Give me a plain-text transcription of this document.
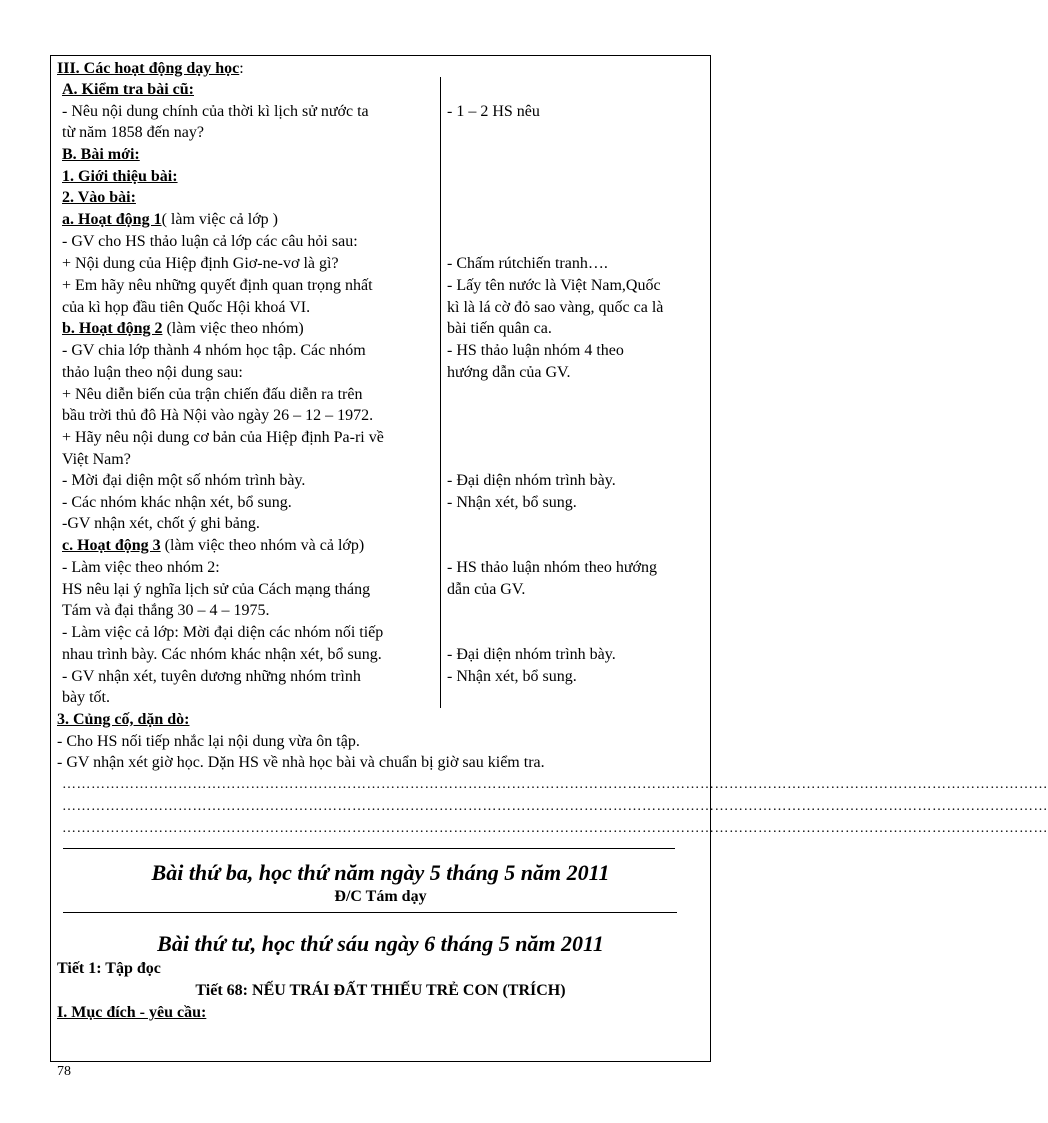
III. Các hoạt động dạy học:
A. Kiểm tra bài cũ:
- Nêu nội dung chính của thời kì lịch sử nước ta
từ năm 1858 đến nay?
- 1 – 2 HS nêu
B. Bài mới:
1. Giới thiệu bài:
2. Vào bài:
a. Hoạt động 1( làm việc cả lớp )
- GV cho HS thảo luận cả lớp các câu hỏi sau:
+ Nội dung của Hiệp định Giơ-ne-vơ là gì?
+ Em hãy nêu những quyết định quan trọng nhất
của kì họp đầu tiên Quốc Hội khoá VI.
- Chấm rútchiến tranh….
- Lấy tên nước là Việt Nam,Quốc
kì là lá cờ đỏ sao vàng, quốc ca là
bài tiến quân ca.
b. Hoạt động 2 (làm việc theo nhóm)
- GV chia lớp thành 4 nhóm học tập. Các nhóm
thảo luận theo nội dung sau:
+ Nêu diễn biến của trận chiến đấu diễn ra trên
bầu trời thủ đô Hà Nội vào ngày 26 – 12 – 1972.
+ Hãy nêu nội dung cơ bản của Hiệp định Pa-ri về
Việt Nam?
- Mời đại diện một số nhóm trình bày.
- Các nhóm khác nhận xét, bổ sung.
-GV nhận xét, chốt ý ghi bảng.
- HS thảo luận nhóm 4 theo
hướng dẫn của GV.
- Đại diện nhóm trình bày.
- Nhận xét, bổ sung.
c. Hoạt động 3 (làm việc theo nhóm và cả lớp)
- Làm việc theo nhóm 2:
HS nêu lại ý nghĩa lịch sử của Cách mạng tháng
Tám và đại thắng 30 – 4 – 1975.
- Làm việc cả lớp: Mời đại diện các nhóm nối tiếp
nhau trình bày. Các nhóm khác nhận xét, bổ sung.
- GV nhận xét, tuyên dương những nhóm trình
bày tốt.
- HS thảo luận nhóm theo hướng
dẫn của GV.
- Đại diện nhóm trình bày.
- Nhận xét, bổ sung.
3. Củng cố, dặn dò:
- Cho HS nối tiếp nhắc lại nội dung vừa ôn tập.
- GV nhận xét giờ học. Dặn HS về nhà học bài và chuẩn bị giờ sau kiểm tra.
……………………………………………………………………………………………………………………………………………………………………………………
……………………………………………………………………………………………………………………………………………………………………………………
……………………………………………………………………………………………………………………………………………………………………………………
Bài thứ ba, học thứ năm ngày 5 tháng 5 năm 2011
Đ/C Tám dạy
Bài thứ tư, học thứ sáu ngày 6 tháng 5 năm 2011
Tiết 1: Tập đọc
Tiết 68: NẾU TRÁI ĐẤT THIẾU TRẺ CON (TRÍCH)
I. Mục đích - yêu cầu:
78
